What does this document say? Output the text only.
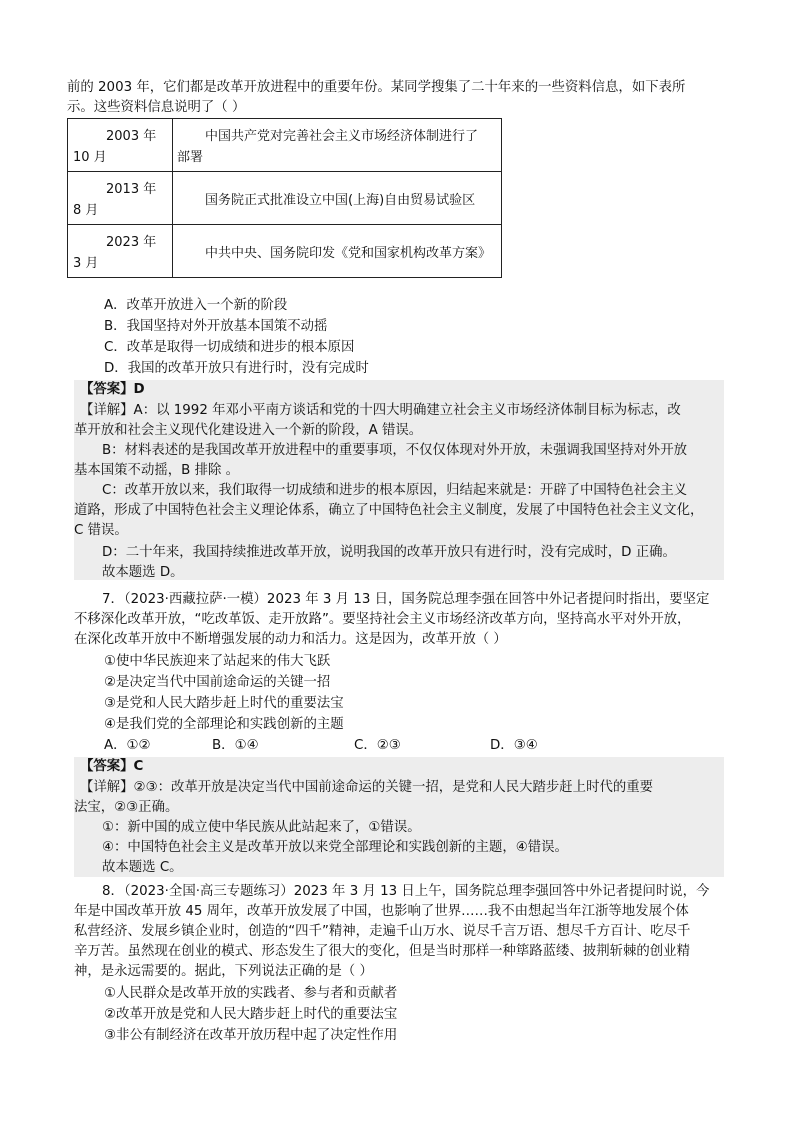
前的 2003 年，它们都是改革开放进程中的重要年份。某同学搜集了二十年来的一些资料信息，如下表所
示。这些资料信息说明了（ ）
2003 年
10 月	中国共产党对完善社会主义市场经济体制进行了
部署

2013 年
8 月	国务院正式批准设立中国(上海)自由贸易试验区

2023 年
3 月	中共中央、国务院印发《党和国家机构改革方案》
A．改革开放进入一个新的阶段
B．我国坚持对外开放基本国策不动摇
C．改革是取得一切成绩和进步的根本原因
D．我国的改革开放只有进行时，没有完成时
【答案】D
【详解】A：以 1992 年邓小平南方谈话和党的十四大明确建立社会主义市场经济体制目标为标志，改
革开放和社会主义现代化建设进入一个新的阶段，A 错误。
B：材料表述的是我国改革开放进程中的重要事项，不仅仅体现对外开放，未强调我国坚持对外开放
基本国策不动摇，B 排除 。
C：改革开放以来，我们取得一切成绩和进步的根本原因，归结起来就是：开辟了中国特色社会主义
道路，形成了中国特色社会主义理论体系，确立了中国特色社会主义制度，发展了中国特色社会主义文化，
C 错误。
D：二十年来，我国持续推进改革开放，说明我国的改革开放只有进行时，没有完成时，D 正确。
故本题选 D。
7．（2023·西藏拉萨·一模）2023 年 3 月 13 日，国务院总理李强在回答中外记者提问时指出，要坚定
不移深化改革开放，“吃改革饭、走开放路”。要坚持社会主义市场经济改革方向，坚持高水平对外开放，
在深化改革开放中不断增强发展的动力和活力。这是因为，改革开放（ ）
①使中华民族迎来了站起来的伟大飞跃
②是决定当代中国前途命运的关键一招
③是党和人民大踏步赶上时代的重要法宝
④是我们党的全部理论和实践创新的主题
A．①②	B．①④	C．②③	D．③④
【答案】C
【详解】②③：改革开放是决定当代中国前途命运的关键一招，是党和人民大踏步赶上时代的重要
法宝，②③正确。
①：新中国的成立使中华民族从此站起来了，①错误。
④：中国特色社会主义是改革开放以来党全部理论和实践创新的主题，④错误。
故本题选 C。
8．（2023·全国·高三专题练习）2023 年 3 月 13 日上午，国务院总理李强回答中外记者提问时说，今
年是中国改革开放 45 周年，改革开放发展了中国，也影响了世界……我不由想起当年江浙等地发展个体
私营经济、发展乡镇企业时，创造的“四千”精神，走遍千山万水、说尽千言万语、想尽千方百计、吃尽千
辛万苦。虽然现在创业的模式、形态发生了很大的变化，但是当时那样一种筚路蓝缕、披荆斩棘的创业精
神，是永远需要的。据此，下列说法正确的是（ ）
①人民群众是改革开放的实践者、参与者和贡献者
②改革开放是党和人民大踏步赶上时代的重要法宝
③非公有制经济在改革开放历程中起了决定性作用
